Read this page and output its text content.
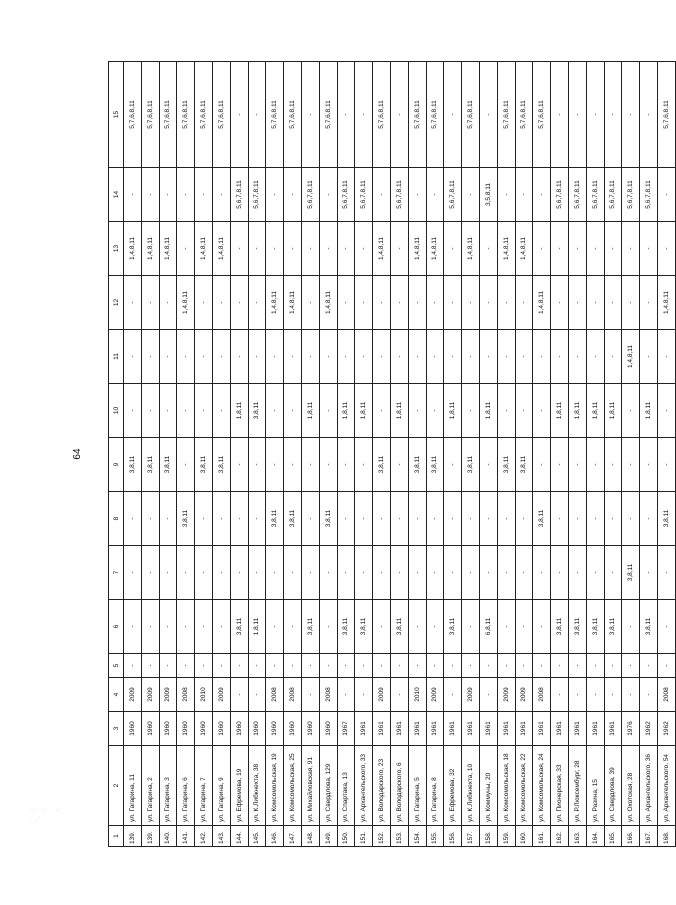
64
·.· ·.·˙ .·
· .˙
1	2	3	4	5	6	7	8	9	10	11	12	13	14	15
139.	ул. Гагарина, 11	1960	2009	-	-	-	-	3,8,11	-	-	-	1,4,8,11	-	5,7,6,8,11
139.	ул. Гагарина, 2	1960	2009	-	-	-	-	3,8,11	-	-	-	1,4,8,11	-	5,7,6,8,11
140.	ул. Гагарина, 3	1960	2009	-	-	-	-	3,8,11	-	-	-	1,4,8,11	-	5,7,6,8,11
141.	ул. Гагарина, 6	1960	2008	-	-	-	3,8,11	-	-	-	1,4,8,11	-	-	5,7,6,8,11
142.	ул. Гагарина, 7	1960	2010	-	-	-	-	3,8,11	-	-	-	1,4,8,11	-	5,7,6,8,11
143.	ул. Гагарина, 9	1960	2009	-	-	-	-	3,8,11	-	-	-	1,4,8,11	-	5,7,6,8,11
144.	ул. Ефремова, 19	1960	-	-	3,8,11	-	-	-	1,8,11	-	-	-	5,6,7,8,11	-
145.	ул. К.Либкнехта, 38	1960	-	-	1,8,11	-	-	-	3,8,11	-	-	-	5,6,7,8,11	-
146.	ул. Комсомольская, 19	1960	2008	-	-	-	3,8,11	-	-	-	1,4,8,11	-	-	5,7,6,8,11
147.	ул. Комсомольская, 25	1960	2008	-	-	-	3,8,11	-	-	-	1,4,8,11	-	-	5,7,6,8,11
148.	ул. Михайловская, 91	1960	-	-	3,8,11	-	-	-	1,8,11	-	-	-	5,6,7,8,11	-
149.	ул. Свердлова, 129	1960	2008	-	-	-	3,8,11	-	-	-	1,4,8,11	-	-	5,7,6,8,11
150.	ул. Спартака, 13	1967	-	-	3,8,11	-	-	-	1,8,11	-	-	-	5,6,7,8,11	-
151.	ул. Архангельского, 33	1961	-	-	3,8,11	-	-	-	1,8,11	-	-	-	5,6,7,8,11	-
152.	ул. Володарского, 23	1961	2009	-	-	-	-	3,8,11	-	-	-	1,4,8,11	-	5,7,6,8,11
153.	ул. Володарского, 6	1961	-	-	3,8,11	-	-	-	1,8,11	-	-	-	5,6,7,8,11	-
154.	ул. Гагарина, 5	1961	2010	-	-	-	-	3,8,11	-	-	-	1,4,8,11	-	5,7,6,8,11
155.	ул. Гагарина, 8	1961	2009	-	-	-	-	3,8,11	-	-	-	1,4,8,11	-	5,7,6,8,11
156.	ул. Ефремова, 32	1961	-	-	3,8,11	-	-	-	1,8,11	-	-	-	5,6,7,8,11	-
157.	ул. К.Либкнехта, 10	1961	2009	-	-	-	-	3,8,11	-	-	-	1,4,8,11	-	5,7,6,8,11
158.	ул. Коммуны, 20	1961	-	-	6,8,11	-	-	-	1,8,11	-	-	-	3,5,8,11	-
159.	ул. Комсомольская, 18	1961	2009	-	-	-	-	3,8,11	-	-	-	1,4,8,11	-	5,7,6,8,11
160.	ул. Комсомольская, 22	1961	2009	-	-	-	-	3,8,11	-	-	-	1,4,8,11	-	5,7,6,8,11
161.	ул. Комсомольская, 24	1961	2008	-	-	-	3,8,11	-	-	-	1,4,8,11	-	-	5,7,6,8,11
162.	ул. Пионерская, 33	1961	-	-	3,8,11	-	-	-	1,8,11	-	-	-	5,6,7,8,11	-
163.	ул. Р.Люксембург, 28	1961	-	-	3,8,11	-	-	-	1,8,11	-	-	-	5,6,7,8,11	-
164.	ул. Разина, 15	1961	-	-	3,8,11	-	-	-	1,8,11	-	-	-	5,6,7,8,11	-
165.	ул. Свердлова, 39	1961	-	-	3,8,11	-	-	-	1,8,11	-	-	-	5,6,7,8,11	-
166.	ул. Охотская, 28	1976	-	-	-	3,8,11	-	-	-	1,4,8,11	-	-	5,6,7,8,11	-
167.	ул. Архангельского, 36	1962	-	-	3,8,11	-	-	-	1,8,11	-	-	-	5,6,7,8,11	-
168.	ул. Архангельского, 54	1962	2008	-	-	-	3,8,11	-	-	-	1,4,8,11	-	-	5,7,6,8,11
